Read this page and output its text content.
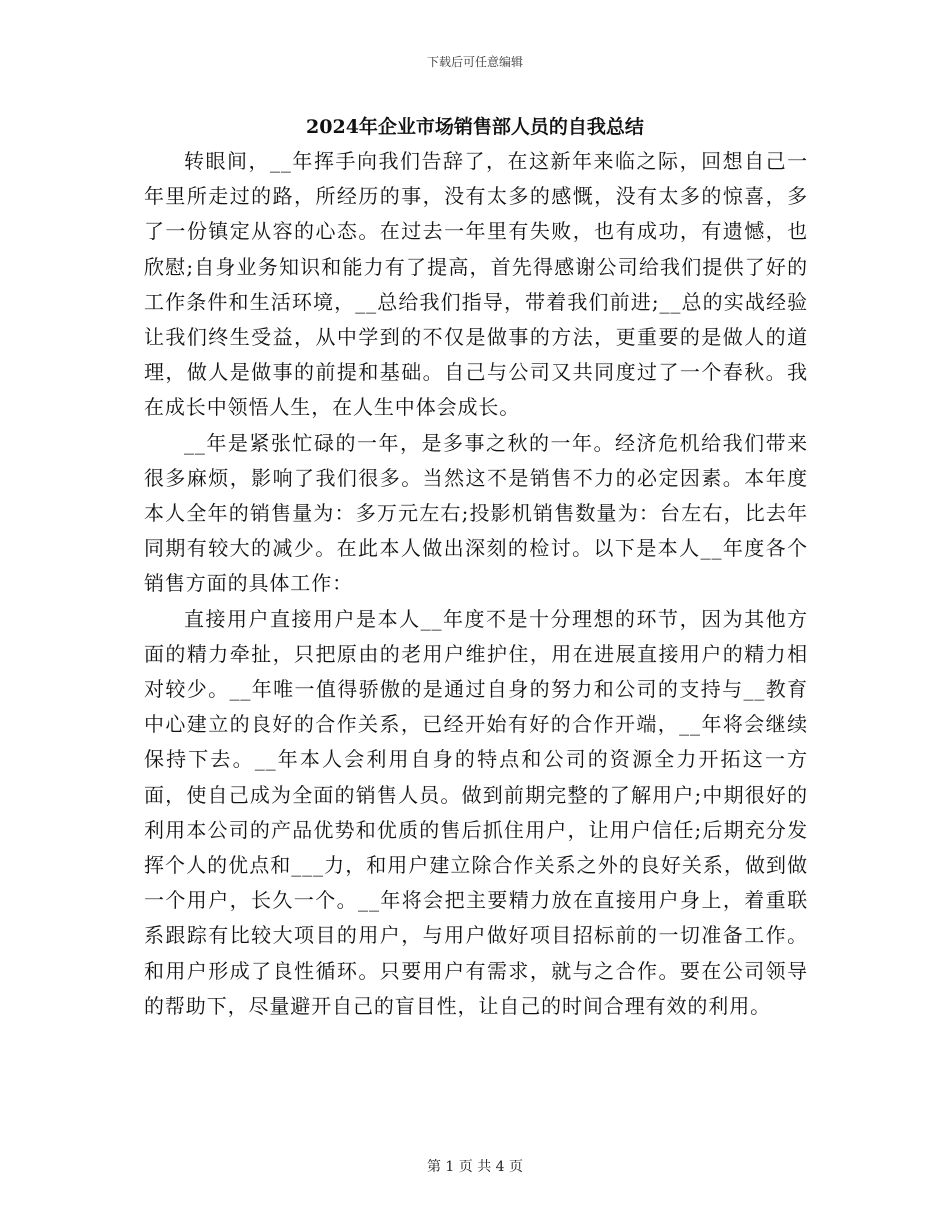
下载后可任意编辑
2024年企业市场销售部人员的自我总结

转眼间，__年挥手向我们告辞了，在这新年来临之际，回想自己一年里所走过的路，所经历的事，没有太多的感慨，没有太多的惊喜，多了一份镇定从容的心态。在过去一年里有失败，也有成功，有遗憾，也欣慰;自身业务知识和能力有了提高，首先得感谢公司给我们提供了好的工作条件和生活环境，__总给我们指导，带着我们前进;__总的实战经验让我们终生受益，从中学到的不仅是做事的方法，更重要的是做人的道理，做人是做事的前提和基础。自己与公司又共同度过了一个春秋。我在成长中领悟人生，在人生中体会成长。

__年是紧张忙碌的一年，是多事之秋的一年。经济危机给我们带来很多麻烦，影响了我们很多。当然这不是销售不力的必定因素。本年度本人全年的销售量为：多万元左右;投影机销售数量为：台左右，比去年同期有较大的减少。在此本人做出深刻的检讨。以下是本人__年度各个销售方面的具体工作：

直接用户直接用户是本人__年度不是十分理想的环节，因为其他方面的精力牵扯，只把原由的老用户维护住，用在进展直接用户的精力相对较少。__年唯一值得骄傲的是通过自身的努力和公司的支持与__教育中心建立的良好的合作关系，已经开始有好的合作开端，__年将会继续保持下去。__年本人会利用自身的特点和公司的资源全力开拓这一方面，使自己成为全面的销售人员。做到前期完整的了解用户;中期很好的利用本公司的产品优势和优质的售后抓住用户，让用户信任;后期充分发挥个人的优点和___力，和用户建立除合作关系之外的良好关系，做到做一个用户，长久一个。__年将会把主要精力放在直接用户身上，着重联系跟踪有比较大项目的用户，与用户做好项目招标前的一切准备工作。和用户形成了良性循环。只要用户有需求，就与之合作。要在公司领导的帮助下，尽量避开自己的盲目性，让自己的时间合理有效的利用。

第 1 页 共 4 页
